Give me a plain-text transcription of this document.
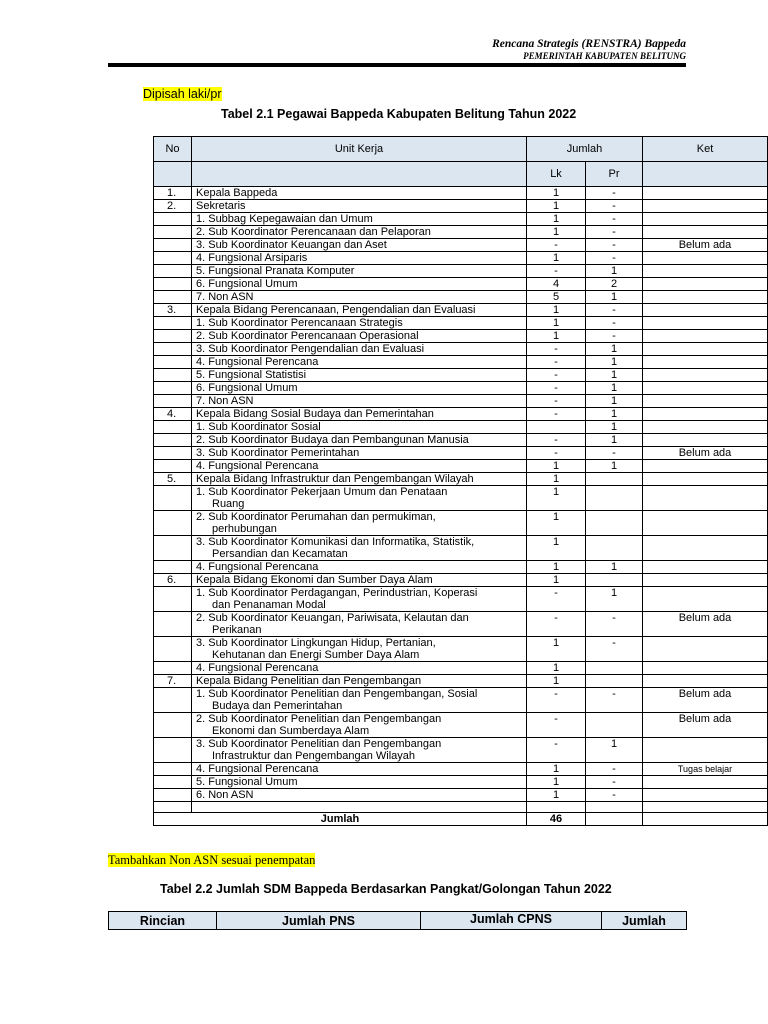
Rencana Strategis (RENSTRA) Bappeda
PEMERINTAH KABUPATEN BELITUNG
Dipisah laki/pr
Tabel 2.1 Pegawai Bappeda Kabupaten Belitung Tahun 2022
No	Unit Kerja	Jumlah		Ket
		Lk	Pr	
1.	Kepala Bappeda	1	-	
2.	Sekretaris	1	-	
	1. Subbag Kepegawaian dan Umum	1	-	
	2. Sub Koordinator Perencanaan dan Pelaporan	1	-	
	3. Sub Koordinator Keuangan dan Aset	-	-	Belum ada
	4. Fungsional Arsiparis	1	-	
	5. Fungsional Pranata Komputer	-	1	
	6. Fungsional Umum	4	2	
	7. Non ASN	5	1	
3.	Kepala Bidang Perencanaan, Pengendalian dan Evaluasi	1	-	
	1. Sub Koordinator Perencanaan Strategis	1	-	
	2. Sub Koordinator Perencanaan Operasional	1	-	
	3. Sub Koordinator Pengendalian dan Evaluasi	-	1	
	4. Fungsional Perencana	-	1	
	5. Fungsional Statistisi	-	1	
	6. Fungsional Umum	-	1	
	7. Non ASN	-	1	
4.	Kepala Bidang Sosial Budaya dan Pemerintahan	-	1	
	1. Sub Koordinator Sosial		1	
	2. Sub Koordinator Budaya dan Pembangunan Manusia	-	1	
	3. Sub Koordinator Pemerintahan	-	-	Belum ada
	4. Fungsional Perencana	1	1	
5.	Kepala Bidang Infrastruktur dan Pengembangan Wilayah	1		

	1. Sub Koordinator Pekerjaan Umum dan Penataan
Ruang	1		

	2. Sub Koordinator Perumahan dan permukiman,
perhubungan	1		

	3. Sub Koordinator Komunikasi dan Informatika, Statistik,
Persandian dan Kecamatan	1		
	4. Fungsional Perencana	1	1	
6.	Kepala Bidang Ekonomi dan Sumber Daya Alam	1		

	1. Sub Koordinator Perdagangan, Perindustrian, Koperasi
dan Penanaman Modal	-	1	

	2. Sub Koordinator Keuangan, Pariwisata, Kelautan dan
Perikanan	-	-	Belum ada

	3. Sub Koordinator Lingkungan Hidup, Pertanian,
Kehutanan dan Energi Sumber Daya Alam	1	-	
	4. Fungsional Perencana	1		
7.	Kepala Bidang Penelitian dan Pengembangan	1		

	1. Sub Koordinator Penelitian dan Pengembangan, Sosial
Budaya dan Pemerintahan	-	-	Belum ada

	2. Sub Koordinator Penelitian dan Pengembangan
Ekonomi dan Sumberdaya Alam	-		Belum ada

	3. Sub Koordinator Penelitian dan Pengembangan
Infrastruktur dan Pengembangan Wilayah	-	1	
	4. Fungsional Perencana	1	-	Tugas belajar
	5. Fungsional Umum	1	-	
	6. Non ASN	1	-	

Jumlah		46		
Tambahkan Non ASN sesuai penempatan
Tabel 2.2 Jumlah SDM Bappeda Berdasarkan Pangkat/Golongan Tahun 2022
Rincian	Jumlah PNS	Jumlah CPNS	Jumlah
